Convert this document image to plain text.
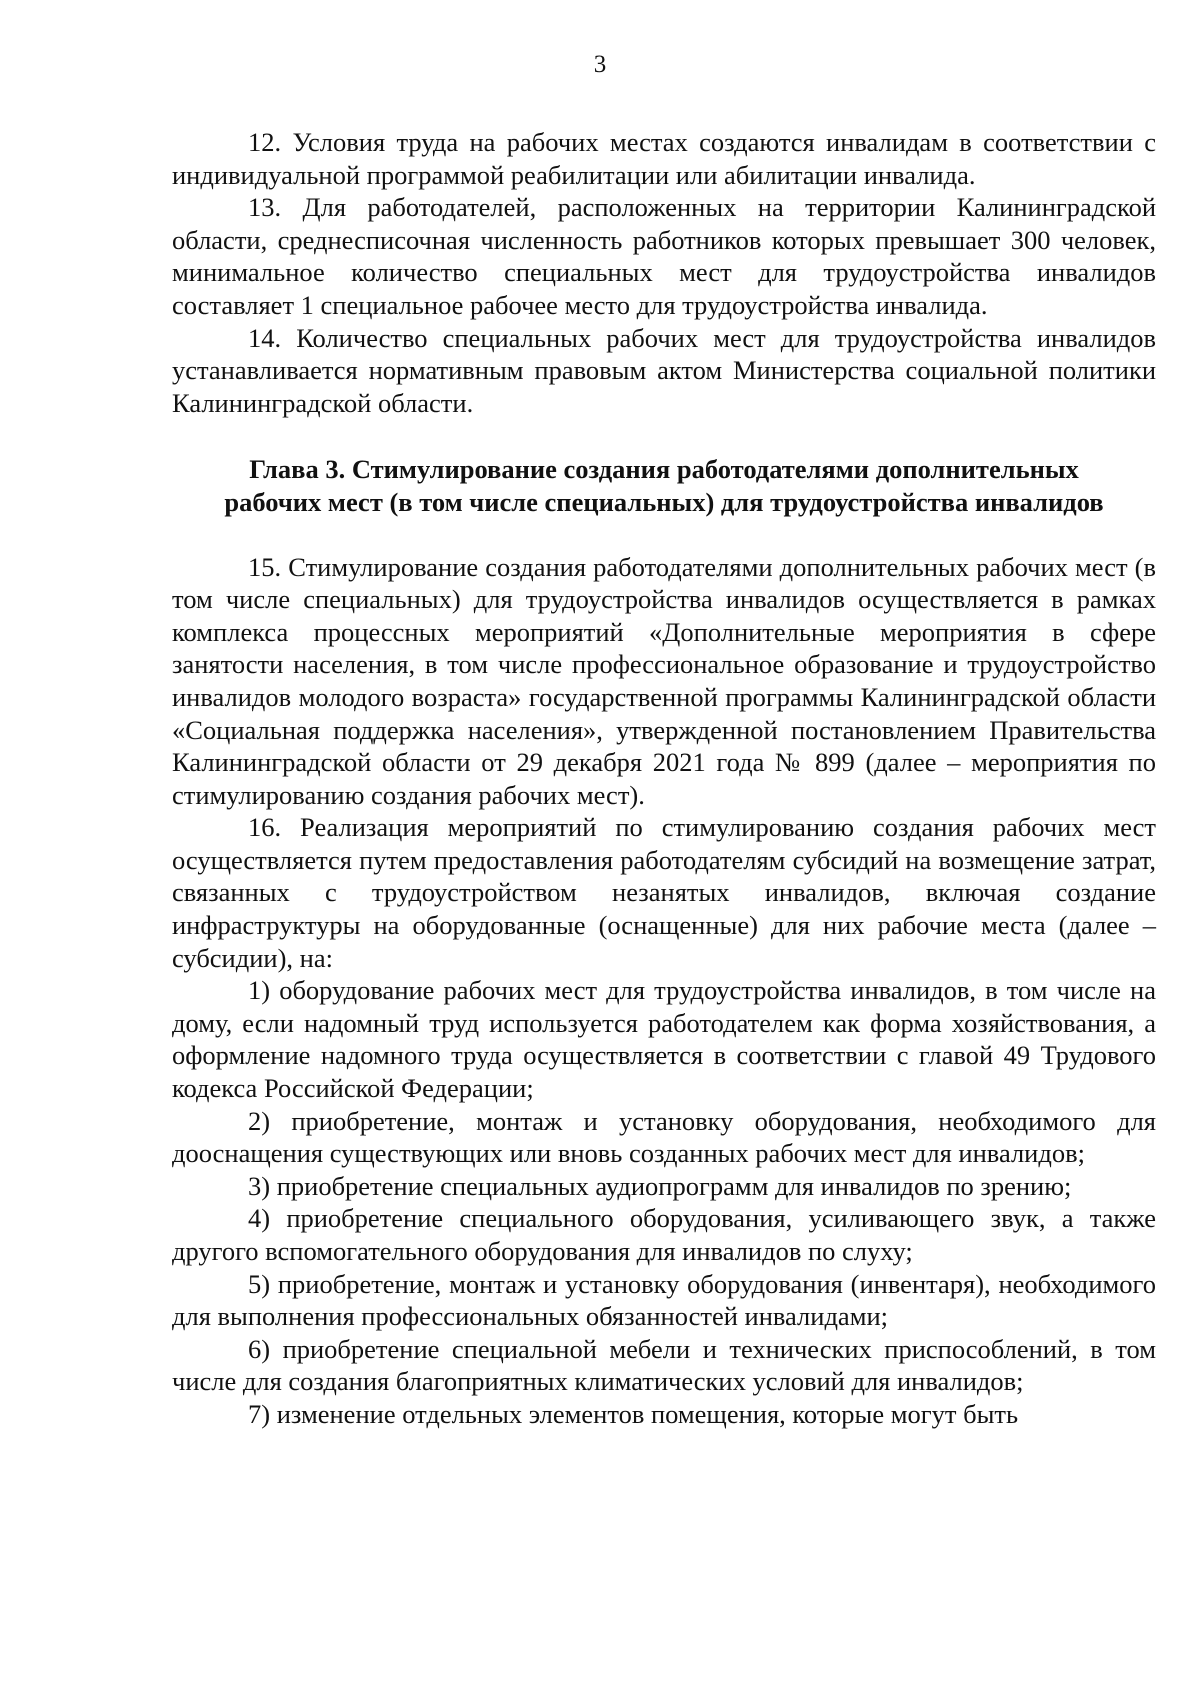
3

12. Условия труда на рабочих местах создаются инвалидам в соответствии с индивидуальной программой реабилитации или абилитации инвалида.

13. Для работодателей, расположенных на территории Калининградской области, среднесписочная численность работников которых превышает 300 человек, минимальное количество специальных мест для трудоустройства инвалидов составляет 1 специальное рабочее место для трудоустройства инвалида.

14. Количество специальных рабочих мест для трудоустройства инвалидов устанавливается нормативным правовым актом Министерства социальной политики Калининградской области.

Глава 3. Стимулирование создания работодателями дополнительных
рабочих мест (в том числе специальных) для трудоустройства инвалидов

15. Стимулирование создания работодателями дополнительных рабочих мест (в том числе специальных) для трудоустройства инвалидов осуществляется в рамках комплекса процессных мероприятий «Дополнительные мероприятия в сфере занятости населения, в том числе профессиональное образование и трудоустройство инвалидов молодого возраста» государственной программы Калининградской области «Социальная поддержка населения», утвержденной постановлением Правительства Калининградской области от 29 декабря 2021 года № 899 (далее – мероприятия по стимулированию создания рабочих мест).

16. Реализация мероприятий по стимулированию создания рабочих мест осуществляется путем предоставления работодателям субсидий на возмещение затрат, связанных с трудоустройством незанятых инвалидов, включая создание инфраструктуры на оборудованные (оснащенные) для них рабочие места (далее – субсидии), на:

1) оборудование рабочих мест для трудоустройства инвалидов, в том числе на дому, если надомный труд используется работодателем как форма хозяйствования, а оформление надомного труда осуществляется в соответствии с главой 49 Трудового кодекса Российской Федерации;

2) приобретение, монтаж и установку оборудования, необходимого для дооснащения существующих или вновь созданных рабочих мест для инвалидов;

3) приобретение специальных аудиопрограмм для инвалидов по зрению;

4) приобретение специального оборудования, усиливающего звук, а также другого вспомогательного оборудования для инвалидов по слуху;

5) приобретение, монтаж и установку оборудования (инвентаря), необходимого для выполнения профессиональных обязанностей инвалидами;

6) приобретение специальной мебели и технических приспособлений, в том числе для создания благоприятных климатических условий для инвалидов;

7) изменение отдельных элементов помещения, которые могут быть
